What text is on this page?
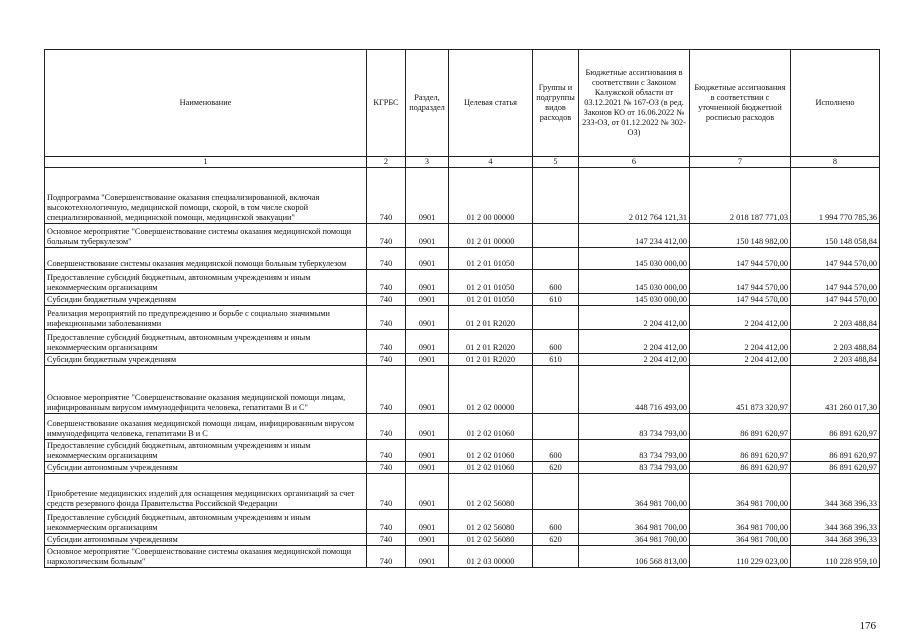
Наименование	КГРБС	Раздел, подраздел	Целевая статья	Группы и подгруппы видов расходов	Бюджетные ассигнования в соответствии с Законом Калужской области от 03.12.2021 № 167-ОЗ (в ред. Законов КО от 16.06.2022 № 233-ОЗ, от 01.12.2022 № 302-ОЗ)	Бюджетные ассигнования в соответствии с уточненной бюджетной росписью расходов	Исполнено
1	2	3	4	5	6	7	8
Подпрограмма "Совершенствование оказания специализированной, включая высокотехнологичную, медицинской помощи, скорой, в том числе скорой специализированной, медицинской помощи, медицинской эвакуации"	740	0901	01 2 00 00000		2 012 764 121,31	2 018 187 771,03	1 994 770 785,36
Основное мероприятие "Совершенствование системы оказания медицинской помощи больным туберкулезом"	740	0901	01 2 01 00000		147 234 412,00	150 148 982,00	150 148 058,84
Совершенствование системы оказания медицинской помощи больным туберкулезом	740	0901	01 2 01 01050		145 030 000,00	147 944 570,00	147 944 570,00
Предоставление субсидий бюджетным, автономным учреждениям и иным некоммерческим организациям	740	0901	01 2 01 01050	600	145 030 000,00	147 944 570,00	147 944 570,00
Субсидии бюджетным учреждениям	740	0901	01 2 01 01050	610	145 030 000,00	147 944 570,00	147 944 570,00
Реализация мероприятий по предупреждению и борьбе с социально значимыми инфекционными заболеваниями	740	0901	01 2 01 R2020		2 204 412,00	2 204 412,00	2 203 488,84
Предоставление субсидий бюджетным, автономным учреждениям и иным некоммерческим организациям	740	0901	01 2 01 R2020	600	2 204 412,00	2 204 412,00	2 203 488,84
Субсидии бюджетным учреждениям	740	0901	01 2 01 R2020	610	2 204 412,00	2 204 412,00	2 203 488,84
Основное мероприятие "Совершенствование оказания медицинской помощи лицам, инфицированным вирусом иммунодефицита человека, гепатитами В и С"	740	0901	01 2 02 00000		448 716 493,00	451 873 320,97	431 260 017,30
Совершенствование оказания медицинской помощи лицам, инфицированным вирусом иммунодефицита человека, гепатитами В и С	740	0901	01 2 02 01060		83 734 793,00	86 891 620,97	86 891 620,97
Предоставление субсидий бюджетным, автономным учреждениям и иным некоммерческим организациям	740	0901	01 2 02 01060	600	83 734 793,00	86 891 620,97	86 891 620,97
Субсидии автономным учреждениям	740	0901	01 2 02 01060	620	83 734 793,00	86 891 620,97	86 891 620,97
Приобретение медицинских изделий для оснащения медицинских организаций за счет средств резервного фонда Правительства Российской Федерации	740	0901	01 2 02 56080		364 981 700,00	364 981 700,00	344 368 396,33
Предоставление субсидий бюджетным, автономным учреждениям и иным некоммерческим организациям	740	0901	01 2 02 56080	600	364 981 700,00	364 981 700,00	344 368 396,33
Субсидии автономным учреждениям	740	0901	01 2 02 56080	620	364 981 700,00	364 981 700,00	344 368 396,33
Основное мероприятие "Совершенствование системы оказания медицинской помощи наркологическим больным"	740	0901	01 2 03 00000		106 568 813,00	110 229 023,00	110 228 959,10
176
